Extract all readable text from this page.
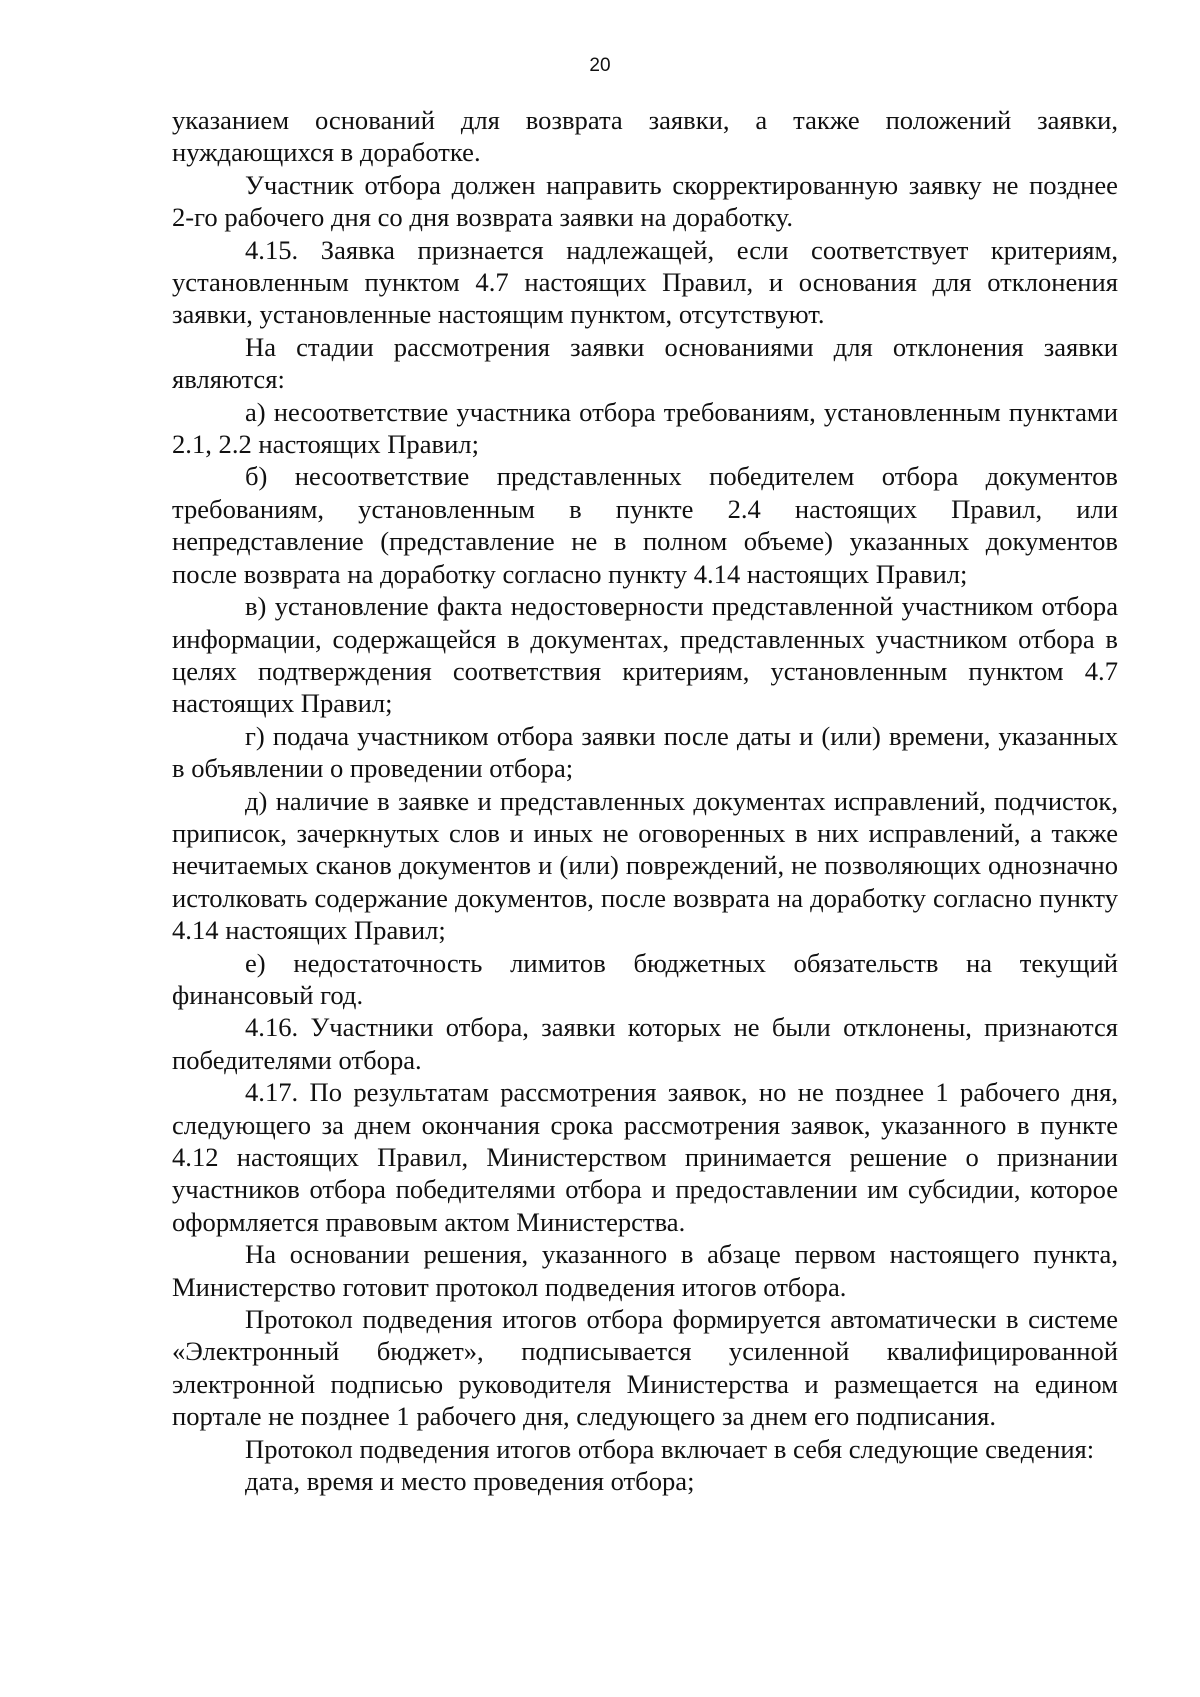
20

указанием оснований для возврата заявки, а также положений заявки, нуждающихся в доработке.

Участник отбора должен направить скорректированную заявку не позднее 2-го рабочего дня со дня возврата заявки на доработку.

4.15. Заявка признается надлежащей, если соответствует критериям, установленным пунктом 4.7 настоящих Правил, и основания для отклонения заявки, установленные настоящим пунктом, отсутствуют.

На стадии рассмотрения заявки основаниями для отклонения заявки являются:

а) несоответствие участника отбора требованиям, установленным пунктами 2.1, 2.2 настоящих Правил;

б) несоответствие представленных победителем отбора документов требованиям, установленным в пункте 2.4 настоящих Правил, или непредставление (представление не в полном объеме) указанных документов после возврата на доработку согласно пункту 4.14 настоящих Правил;

в) установление факта недостоверности представленной участником отбора информации, содержащейся в документах, представленных участником отбора в целях подтверждения соответствия критериям, установленным пунктом 4.7 настоящих Правил;

г) подача участником отбора заявки после даты и (или) времени, указанных в объявлении о проведении отбора;

д) наличие в заявке и представленных документах исправлений, подчисток, приписок, зачеркнутых слов и иных не оговоренных в них исправлений, а также нечитаемых сканов документов и (или) повреждений, не позволяющих однозначно истолковать содержание документов, после возврата на доработку согласно пункту 4.14 настоящих Правил;

е) недостаточность лимитов бюджетных обязательств на текущий финансовый год.

4.16. Участники отбора, заявки которых не были отклонены, признаются победителями отбора.

4.17. По результатам рассмотрения заявок, но не позднее 1 рабочего дня, следующего за днем окончания срока рассмотрения заявок, указанного в пункте 4.12 настоящих Правил, Министерством принимается решение о признании участников отбора победителями отбора и предоставлении им субсидии, которое оформляется правовым актом Министерства.

На основании решения, указанного в абзаце первом настоящего пункта, Министерство готовит протокол подведения итогов отбора.

Протокол подведения итогов отбора формируется автоматически в системе «Электронный бюджет», подписывается усиленной квалифицированной электронной подписью руководителя Министерства и размещается на едином портале не позднее 1 рабочего дня, следующего за днем его подписания.

Протокол подведения итогов отбора включает в себя следующие сведения:

дата, время и место проведения отбора;
